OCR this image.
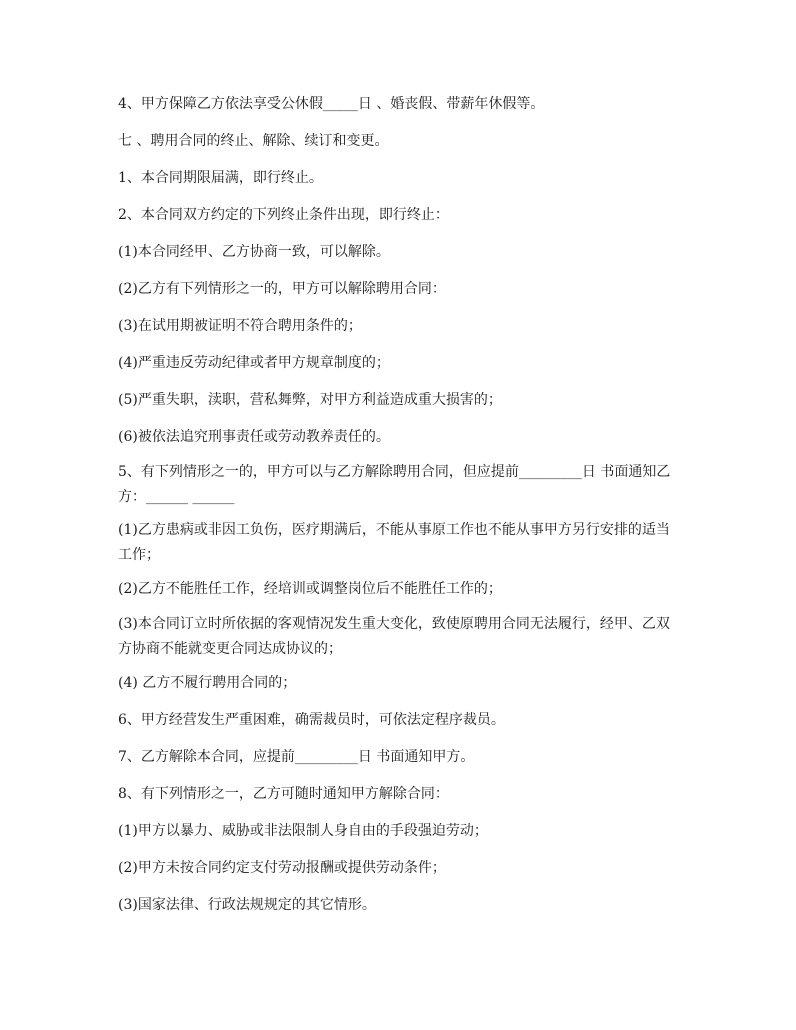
4、甲方保障乙方依法享受公休假_____日 、婚丧假、带薪年休假等。
七 、聘用合同的终止、解除、续订和变更。
1、本合同期限届满，即行终止。
2、本合同双方约定的下列终止条件出现，即行终止：
(1)本合同经甲、乙方协商一致，可以解除。
(2)乙方有下列情形之一的，甲方可以解除聘用合同：
(3)在试用期被证明不符合聘用条件的；
(4)严重违反劳动纪律或者甲方规章制度的；
(5)严重失职，渎职，营私舞弊，对甲方利益造成重大损害的；
(6)被依法追究刑事责任或劳动教养责任的。
5、有下列情形之一的，甲方可以与乙方解除聘用合同，但应提前_________日 书面通知乙方：______ ______
(1)乙方患病或非因工负伤，医疗期满后，不能从事原工作也不能从事甲方另行安排的适当工作；
(2)乙方不能胜任工作，经培训或调整岗位后不能胜任工作的；
(3)本合同订立时所依据的客观情况发生重大变化，致使原聘用合同无法履行，经甲、乙双方协商不能就变更合同达成协议的；
(4) 乙方不履行聘用合同的；
6、甲方经营发生严重困难，确需裁员时，可依法定程序裁员。
7、乙方解除本合同，应提前_________日 书面通知甲方。
8、有下列情形之一，乙方可随时通知甲方解除合同：
(1)甲方以暴力、威胁或非法限制人身自由的手段强迫劳动；
(2)甲方未按合同约定支付劳动报酬或提供劳动条件；
(3)国家法律、行政法规规定的其它情形。
